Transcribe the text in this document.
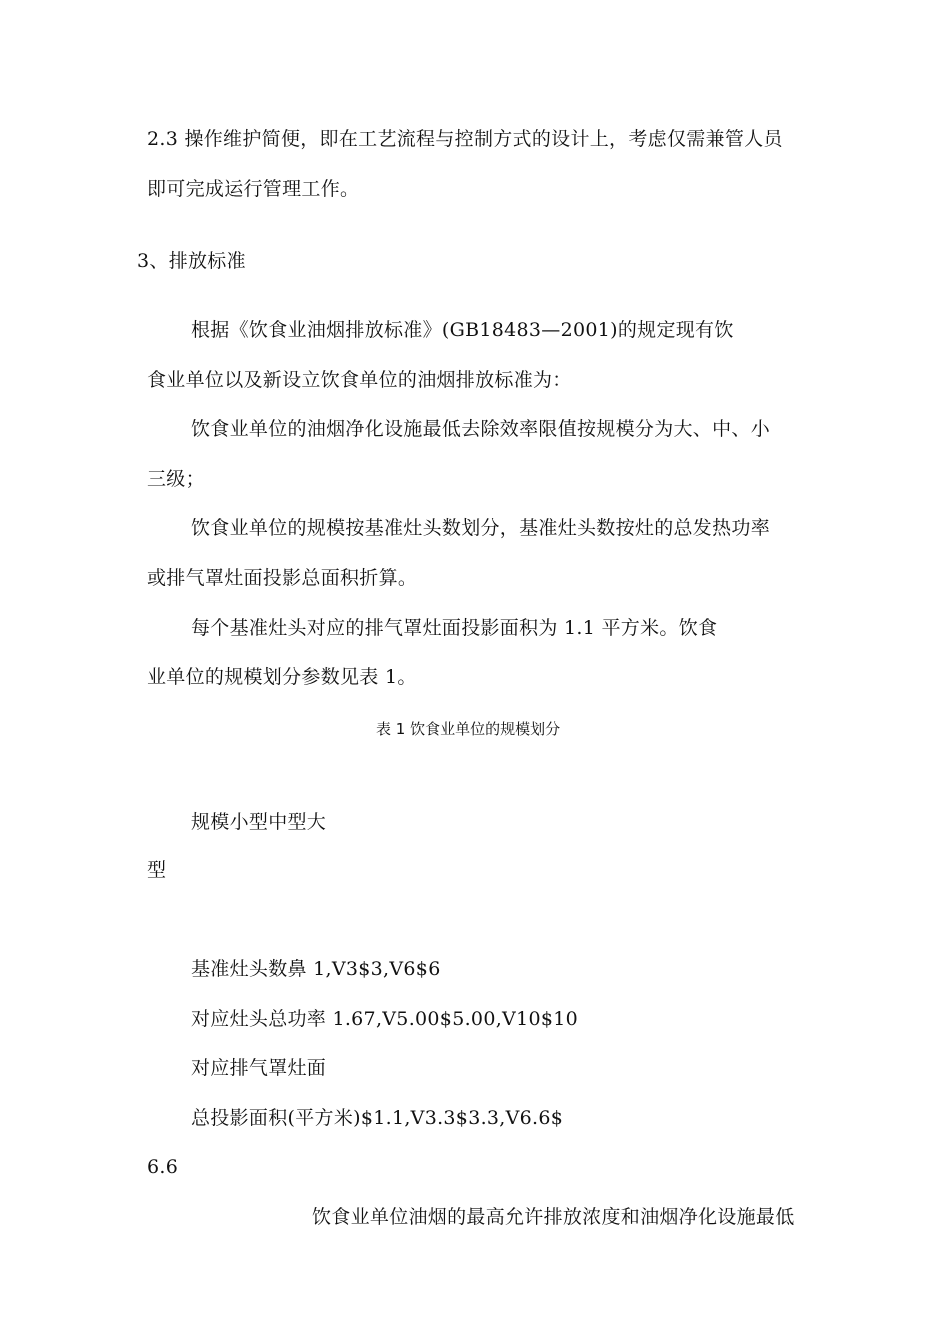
2.3 操作维护简便，即在工艺流程与控制方式的设计上，考虑仅需兼管人员
即可完成运行管理工作。
3、排放标准
根据《饮食业油烟排放标准》(GB18483—2001)的规定现有饮
食业单位以及新设立饮食单位的油烟排放标准为：
饮食业单位的油烟净化设施最低去除效率限值按规模分为大、中、小
三级；
饮食业单位的规模按基准灶头数划分，基准灶头数按灶的总发热功率
或排气罩灶面投影总面积折算。
每个基准灶头对应的排气罩灶面投影面积为 1.1 平方米。饮食
业单位的规模划分参数见表 1。
表 1 饮食业单位的规模划分
规模小型中型大
型
基准灶头数鼻 1,V3$3,V6$6
对应灶头总功率 1.67,V5.00$5.00,V10$10
对应排气罩灶面
总投影面积(平方米)$1.1,V3.3$3.3,V6.6$
6.6
饮食业单位油烟的最高允许排放浓度和油烟净化设施最低
